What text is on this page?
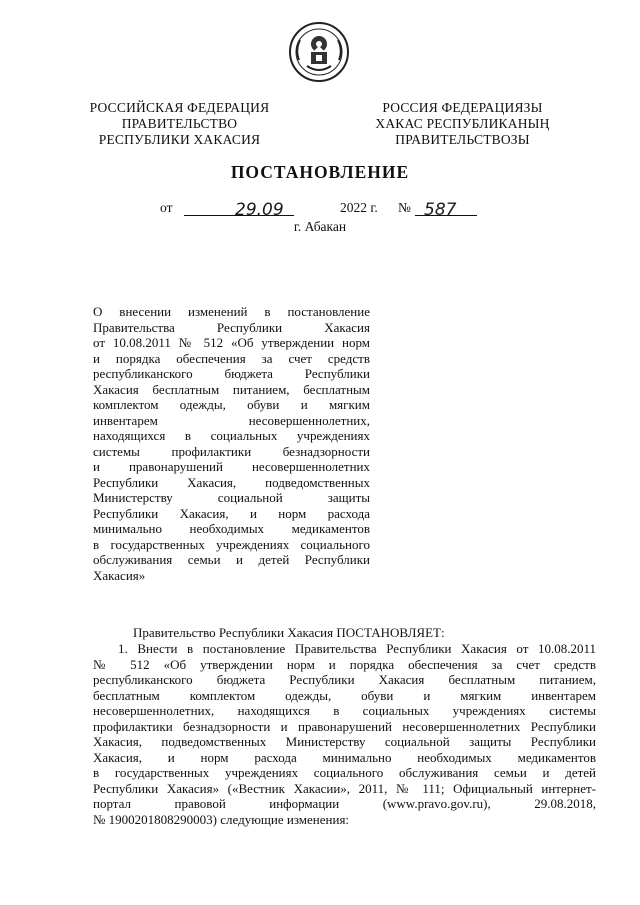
РОССИЙСКАЯ ФЕДЕРАЦИЯ
ПРАВИТЕЛЬСТВО
РЕСПУБЛИКИ ХАКАСИЯ
РОССИЯ ФЕДЕРАЦИЯЗЫ
ХАКАС РЕСПУБЛИКАНЫҢ
ПРАВИТЕЛЬСТВОЗЫ
ПОСТАНОВЛЕНИЕ
от	29.09	2022 г. № 587
г. Абакан
О внесении изменений в постановление
Правительства Республики Хакасия
от 10.08.2011 № 512 «Об утверждении норм
и порядка обеспечения за счет средств
республиканского бюджета Республики
Хакасия бесплатным питанием, бесплатным
комплектом одежды, обуви и мягким
инвентарем несовершеннолетних,
находящихся в социальных учреждениях
системы профилактики безнадзорности
и правонарушений несовершеннолетних
Республики Хакасия, подведомственных
Министерству социальной защиты
Республики Хакасия, и норм расхода
минимально необходимых медикаментов
в государственных учреждениях социального
обслуживания семьи и детей Республики
Хакасия»
Правительство Республики Хакасия ПОСТАНОВЛЯЕТ:
1. Внести в постановление Правительства Республики Хакасия от 10.08.2011
№ 512 «Об утверждении норм и порядка обеспечения за счет средств
республиканского бюджета Республики Хакасия бесплатным питанием,
бесплатным комплектом одежды, обуви и мягким инвентарем
несовершеннолетних, находящихся в социальных учреждениях системы
профилактики безнадзорности и правонарушений несовершеннолетних Республики
Хакасия, подведомственных Министерству социальной защиты Республики
Хакасия, и норм расхода минимально необходимых медикаментов
в государственных учреждениях социального обслуживания семьи и детей
Республики Хакасия» («Вестник Хакасии», 2011, № 111; Официальный интернет-
портал правовой информации (www.pravo.gov.ru), 29.08.2018,
№ 1900201808290003) следующие изменения:
